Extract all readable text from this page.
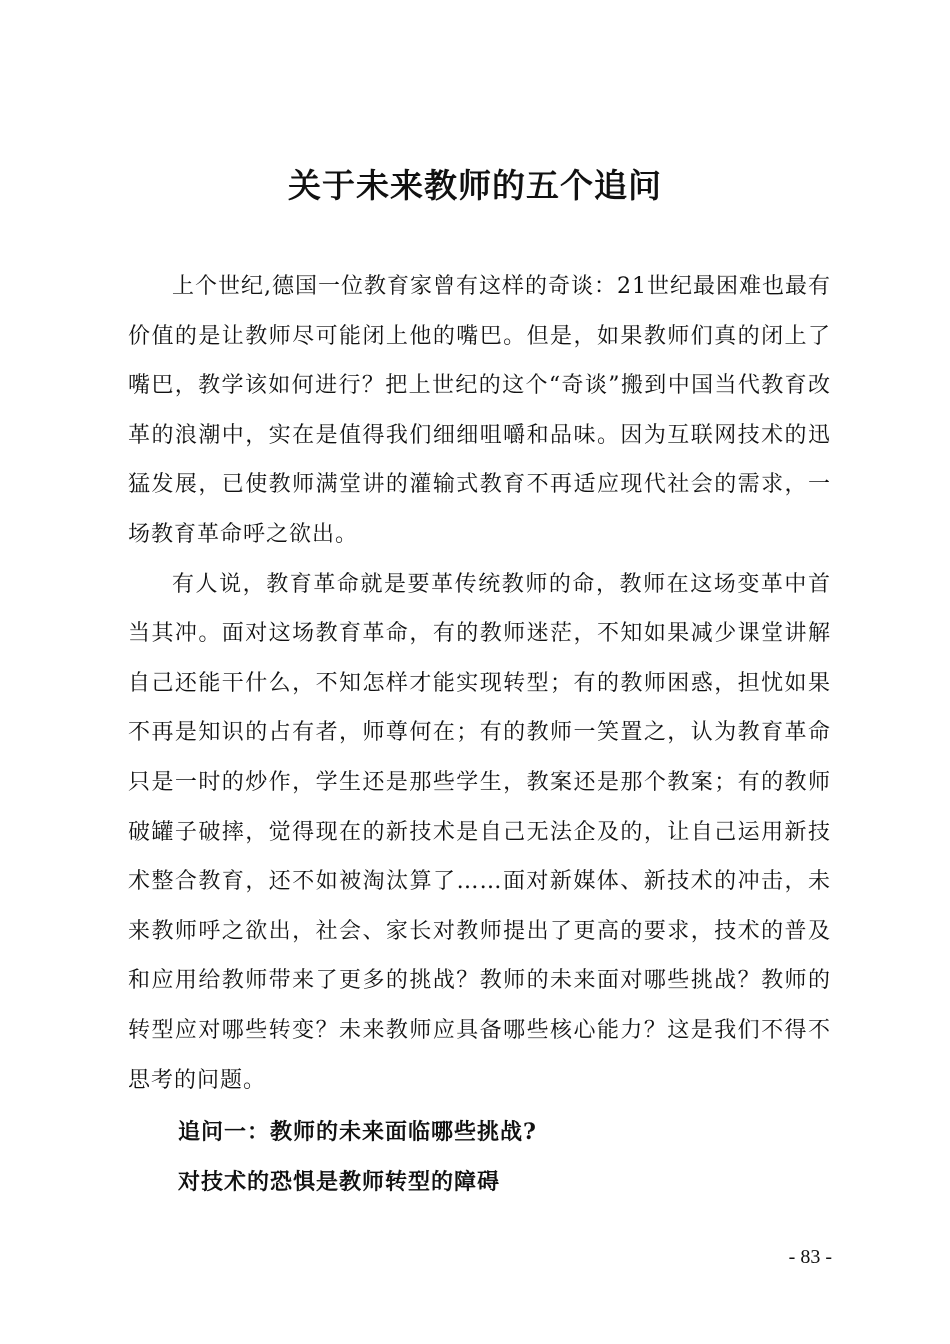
关于未来教师的五个追问

上个世纪,德国一位教育家曾有这样的奇谈：21世纪最困难也最有价值的是让教师尽可能闭上他的嘴巴。但是，如果教师们真的闭上了嘴巴，教学该如何进行？把上世纪的这个“奇谈”搬到中国当代教育改革的浪潮中，实在是值得我们细细咀嚼和品味。因为互联网技术的迅猛发展，已使教师满堂讲的灌输式教育不再适应现代社会的需求，一场教育革命呼之欲出。

有人说，教育革命就是要革传统教师的命，教师在这场变革中首当其冲。面对这场教育革命，有的教师迷茫，不知如果减少课堂讲解自己还能干什么，不知怎样才能实现转型；有的教师困惑，担忧如果不再是知识的占有者，师尊何在；有的教师一笑置之，认为教育革命只是一时的炒作，学生还是那些学生，教案还是那个教案；有的教师破罐子破摔，觉得现在的新技术是自己无法企及的，让自己运用新技术整合教育，还不如被淘汰算了……面对新媒体、新技术的冲击，未来教师呼之欲出，社会、家长对教师提出了更高的要求，技术的普及和应用给教师带来了更多的挑战？教师的未来面对哪些挑战？教师的转型应对哪些转变？未来教师应具备哪些核心能力？这是我们不得不思考的问题。

追问一：教师的未来面临哪些挑战?
对技术的恐惧是教师转型的障碍
- 83 -
